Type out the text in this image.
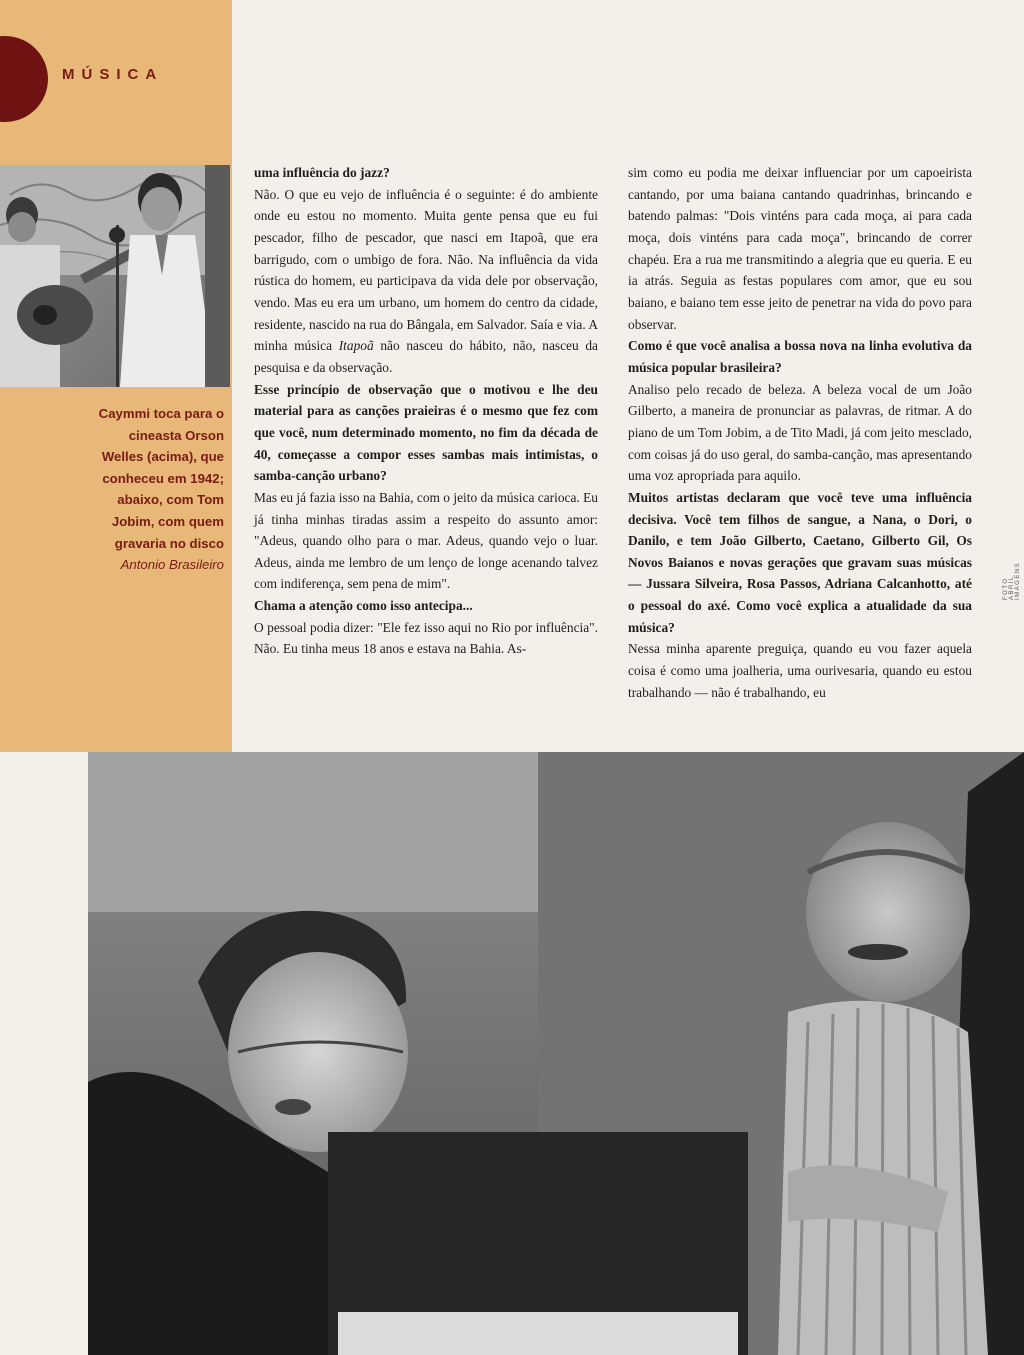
MÚSICA
Caymmi toca para o cineasta Orson Welles (acima), que conheceu em 1942; abaixo, com Tom Jobim, com quem gravaria no disco
Antonio Brasileiro

uma influência do jazz?

Não. O que eu vejo de influência é o seguinte: é do ambiente onde eu estou no momento. Muita gente pensa que eu fui pescador, filho de pescador, que nasci em Itapoã, que era barrigudo, com o umbigo de fora. Não. Na influência da vida rústica do homem, eu participava da vida dele por observação, vendo. Mas eu era um urbano, um homem do centro da cidade, residente, nascido na rua do Bângala, em Salvador. Saía e via. A minha música Itapoã não nasceu do hábito, não, nasceu da pesquisa e da observação.

Esse princípio de observação que o motivou e lhe deu material para as canções praieiras é o mesmo que fez com que você, num determinado momento, no fim da década de 40, começasse a compor esses sambas mais intimistas, o samba-canção urbano?

Mas eu já fazia isso na Bahia, com o jeito da música carioca. Eu já tinha minhas tiradas assim a respeito do assunto amor: "Adeus, quando olho para o mar. Adeus, quando vejo o luar. Adeus, ainda me lembro de um lenço de longe acenando talvez com indiferença, sem pena de mim".

Chama a atenção como isso antecipa...

O pessoal podia dizer: "Ele fez isso aqui no Rio por influência". Não. Eu tinha meus 18 anos e estava na Bahia. As-

sim como eu podia me deixar influenciar por um capoeirista cantando, por uma baiana cantando quadrinhas, brincando e batendo palmas: "Dois vinténs para cada moça, ai para cada moça, dois vinténs para cada moça", brincando de correr chapéu. Era a rua me transmitindo a alegria que eu queria. E eu ia atrás. Seguia as festas populares com amor, que eu sou baiano, e baiano tem esse jeito de penetrar na vida do povo para observar.

Como é que você analisa a bossa nova na linha evolutiva da música popular brasileira?

Analiso pelo recado de beleza. A beleza vocal de um João Gilberto, a maneira de pronunciar as palavras, de ritmar. A do piano de um Tom Jobim, a de Tito Madi, já com jeito mesclado, com coisas já do uso geral, do samba-canção, mas apresentando uma voz apropriada para aquilo.

Muitos artistas declaram que você teve uma influência decisiva. Você tem filhos de sangue, a Nana, o Dori, o Danilo, e tem João Gilberto, Caetano, Gilberto Gil, Os Novos Baianos e novas gerações que gravam suas músicas — Jussara Silveira, Rosa Passos, Adriana Calcanhotto, até o pessoal do axé. Como você explica a atualidade da sua música?

Nessa minha aparente preguiça, quando eu vou fazer aquela coisa é como uma joalheria, uma ourivesaria, quando eu estou trabalhando — não é trabalhando, eu

FOTO ABRIL IMAGENS
